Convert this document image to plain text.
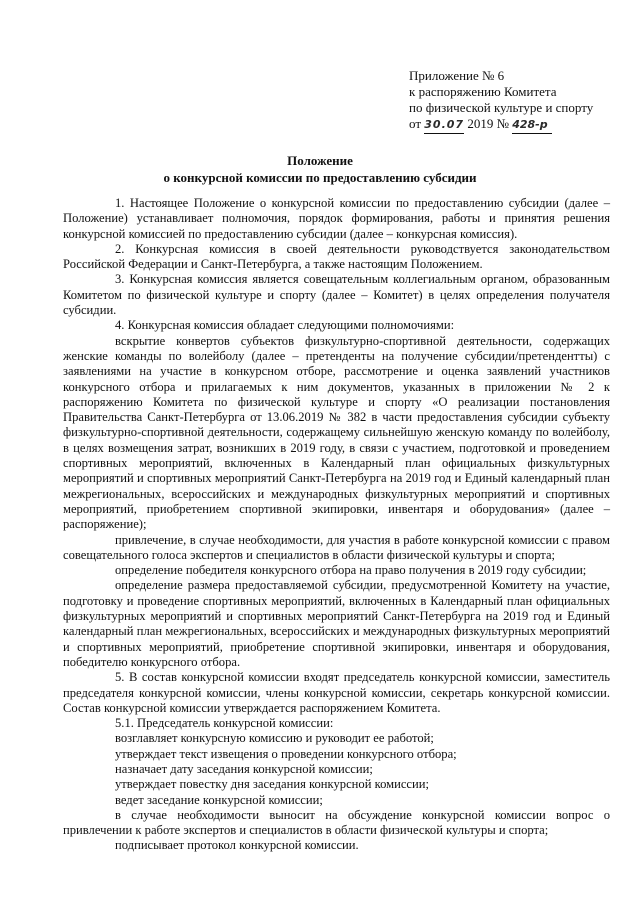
Приложение № 6
к распоряжению Комитета
по физической культуре и спорту
от 30.07 2019 № 428-р
Положение
о конкурсной комиссии по предоставлению субсидии

1. Настоящее Положение о конкурсной комиссии по предоставлению субсидии (далее – Положение) устанавливает полномочия, порядок формирования, работы и принятия решения конкурсной комиссией по предоставлению субсидии (далее – конкурсная комиссия).

2. Конкурсная комиссия в своей деятельности руководствуется законодательством Российской Федерации и Санкт-Петербурга, а также настоящим Положением.

3. Конкурсная комиссия является совещательным коллегиальным органом, образованным Комитетом по физической культуре и спорту (далее – Комитет) в целях определения получателя субсидии.

4. Конкурсная комиссия обладает следующими полномочиями:

вскрытие конвертов субъектов физкультурно-спортивной деятельности, содержащих женские команды по волейболу (далее – претенденты на получение субсидии/претендентты) с заявлениями на участие в конкурсном отборе, рассмотрение и оценка заявлений участников конкурсного отбора и прилагаемых к ним документов, указанных в приложении № 2 к распоряжению Комитета по физической культуре и спорту «О реализации постановления Правительства Санкт-Петербурга от 13.06.2019 № 382 в части предоставления субсидии субъекту физкультурно-спортивной деятельности, содержащему сильнейшую женскую команду по волейболу, в целях возмещения затрат, возникших в 2019 году, в связи с участием, подготовкой и проведением спортивных мероприятий, включенных в Календарный план официальных физкультурных мероприятий и спортивных мероприятий Санкт-Петербурга на 2019 год и Единый календарный план межрегиональных, всероссийских и международных физкультурных мероприятий и спортивных мероприятий, приобретением спортивной экипировки, инвентаря и оборудования» (далее – распоряжение);

привлечение, в случае необходимости, для участия в работе конкурсной комиссии с правом совещательного голоса экспертов и специалистов в области физической культуры и спорта;

определение победителя конкурсного отбора на право получения в 2019 году субсидии;

определение размера предоставляемой субсидии, предусмотренной Комитету на участие, подготовку и проведение спортивных мероприятий, включенных в Календарный план официальных физкультурных мероприятий и спортивных мероприятий Санкт-Петербурга на 2019 год и Единый календарный план межрегиональных, всероссийских и международных физкультурных мероприятий и спортивных мероприятий, приобретение спортивной экипировки, инвентаря и оборудования, победителю конкурсного отбора.

5. В состав конкурсной комиссии входят председатель конкурсной комиссии, заместитель председателя конкурсной комиссии, члены конкурсной комиссии, секретарь конкурсной комиссии. Состав конкурсной комиссии утверждается распоряжением Комитета.

5.1. Председатель конкурсной комиссии:

возглавляет конкурсную комиссию и руководит ее работой;

утверждает текст извещения о проведении конкурсного отбора;

назначает дату заседания конкурсной комиссии;

утверждает повестку дня заседания конкурсной комиссии;

ведет заседание конкурсной комиссии;

в случае необходимости выносит на обсуждение конкурсной комиссии вопрос о привлечении к работе экспертов и специалистов в области физической культуры и спорта;

подписывает протокол конкурсной комиссии.
